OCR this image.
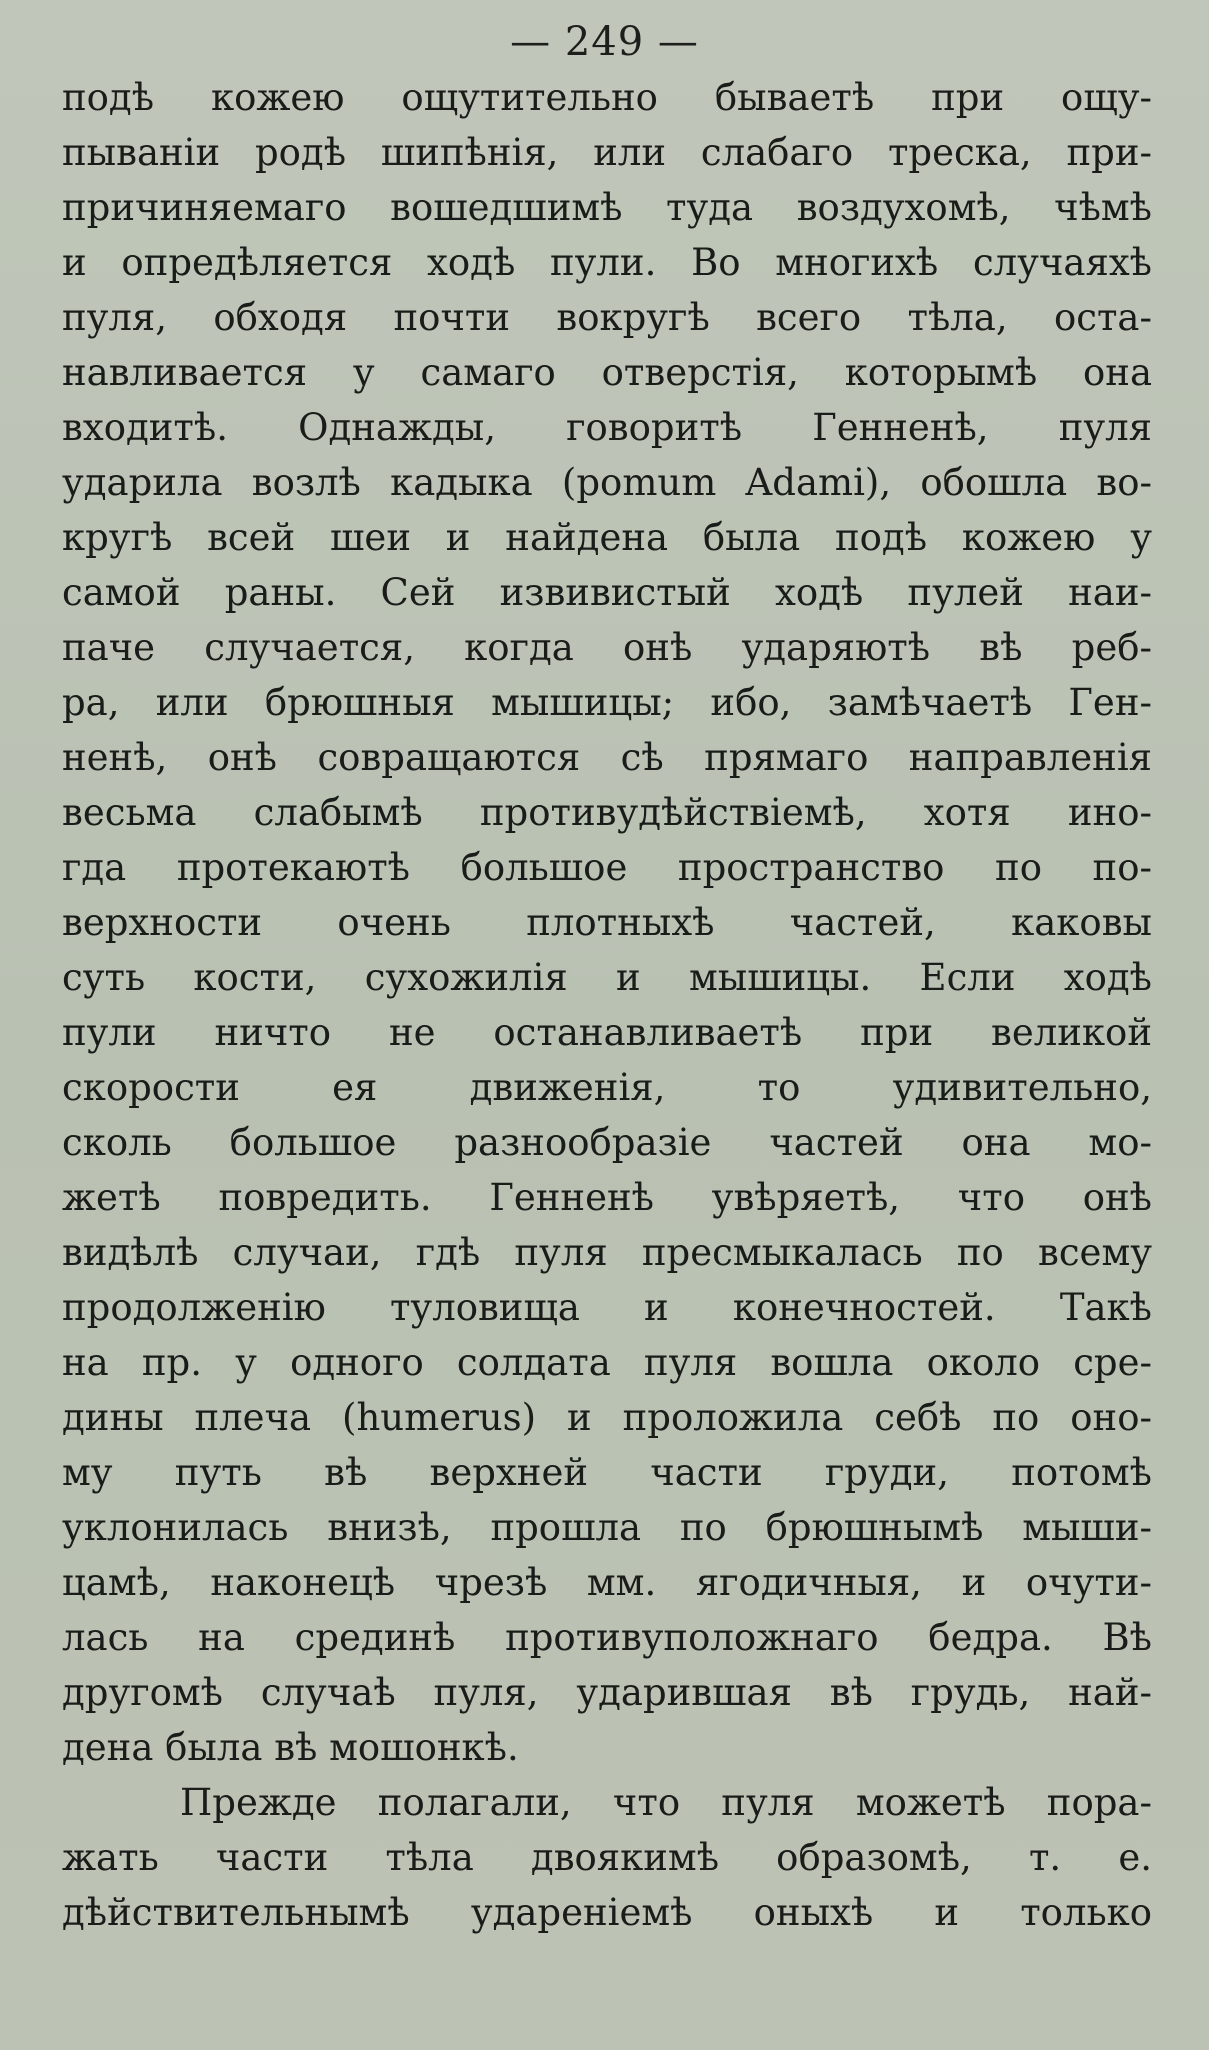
— 249 —
подѣ кожею ощутительно бываетѣ при ощу-
пываніи родѣ шипѣнія, или слабаго треска, при-
причиняемаго вошедшимѣ туда воздухомѣ, чѣмѣ
и опредѣляется ходѣ пули. Во многихѣ случаяхѣ
пуля, обходя почти вокругѣ всего тѣла, оста-
навливается у самаго отверстія, которымѣ она
входитѣ. Однажды, говоритѣ Генненѣ, пуля
ударила возлѣ кадыка (pomum Adami), обошла во-
кругѣ всей шеи и найдена была подѣ кожею у
самой раны. Сей извивистый ходѣ пулей наи-
паче случается, когда онѣ ударяютѣ вѣ реб-
ра, или брюшныя мышицы; ибо, замѣчаетѣ Ген-
ненѣ, онѣ совращаются сѣ прямаго направленія
весьма слабымѣ противудѣйствіемѣ, хотя ино-
гда протекаютѣ большое пространство по по-
верхности очень плотныхѣ частей, каковы
суть кости, сухожилія и мышицы. Если ходѣ
пули ничто не останавливаетѣ при великой
скорости ея движенія, то удивительно,
сколь большое разнообразіе частей она мо-
жетѣ повредить. Генненѣ увѣряетѣ, что онѣ
видѣлѣ случаи, гдѣ пуля пресмыкалась по всему
продолженію туловища и конечностей. Такѣ
на пр. у одного солдата пуля вошла около сре-
дины плеча (humerus) и проложила себѣ по оно-
му путь вѣ верхней части груди, потомѣ
уклонилась внизѣ, прошла по брюшнымѣ мыши-
цамѣ, наконецѣ чрезѣ мм. ягодичныя, и очути-
лась на срединѣ противуположнаго бедра. Вѣ
другомѣ случаѣ пуля, ударившая вѣ грудь, най-
дена была вѣ мошонкѣ.
Прежде полагали, что пуля можетѣ пора-
жать части тѣла двоякимѣ образомѣ, т. е.
дѣйствительнымѣ удареніемѣ оныхѣ и только
